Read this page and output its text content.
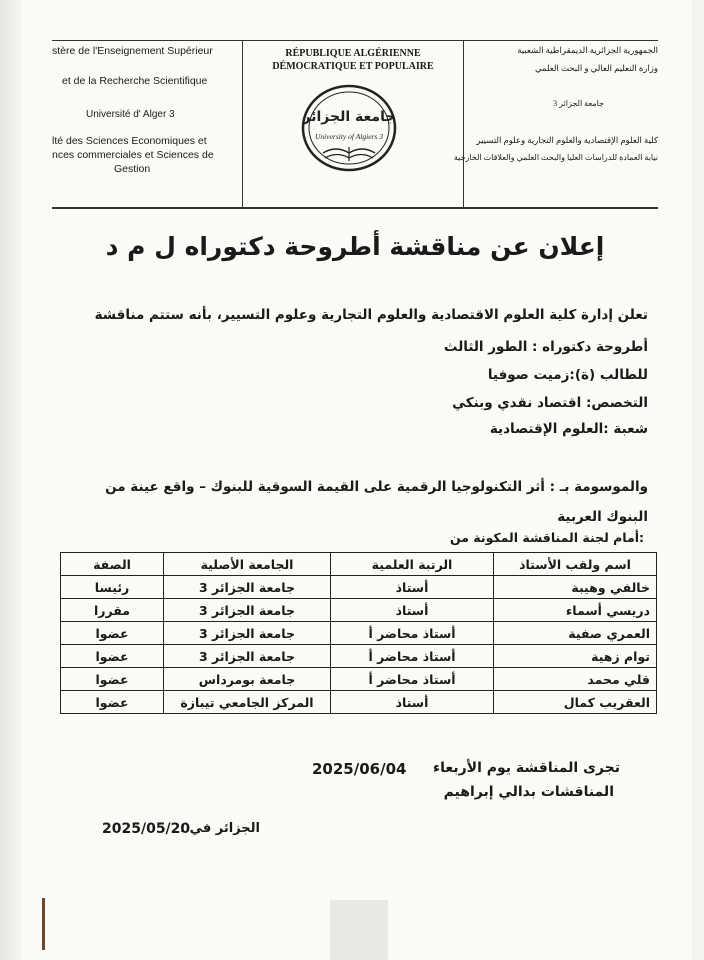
stère de l'Enseignement Supérieur
et de la Recherche Scientifique
Université d' Alger 3
lté des Sciences Economiques et
nces commerciales et Sciences de
Gestion
RÉPUBLIQUE ALGÉRIENNE
DÉMOCRATIQUE ET POPULAIRE
جامعة الجزائر
University of Algiers 3
الجمهورية الجزائرية الديمقراطية الشعبية
وزارة التعليم العالي و البحث العلمي
جامعة الجزائر 3
كلية العلوم الإقتصادية والعلوم التجارية وعلوم التسيير
نيابة العمادة للدراسات العليا والبحث العلمي والعلاقات الخارجية
إعلان عن مناقشة أطروحة دكتوراه ل م د
تعلن إدارة كلية العلوم الاقتصادية والعلوم التجارية وعلوم التسيير، بأنه ستتم مناقشة
أطروحة دكتوراه : الطور الثالث
للطالب (ة):زميت صوفيا
التخصص: اقتصاد نقدي وبنكي
شعبة :العلوم الإقتصادية
والموسومة بـ : أثر التكنولوجيا الرقمية على القيمة السوقية للبنوك – واقع عينة من البنوك العربية
:أمام لجنة المناقشة المكونة من
اسم ولقب الأستاذ	الرتبة العلمية	الجامعة الأصلية	الصفة
خالفي وهيبة	أستاذ	جامعة الجزائر 3	رئيسا
دريسي أسماء	أستاذ	جامعة الجزائر 3	مقررا
العمري صفية	أستاذ محاضر أ	جامعة الجزائر 3	عضوا
توام زهية	أستاذ محاضر أ	جامعة الجزائر 3	عضوا
قلي محمد	أستاذ محاضر أ	جامعة بومرداس	عضوا
العقريب كمال	أستاذ	المركز الجامعي تيبازة	عضوا
تجرى المناقشة يوم الأربعاء
2025/06/04
المناقشات بدالي إبراهيم
الجزائر في :
2025/05/20
